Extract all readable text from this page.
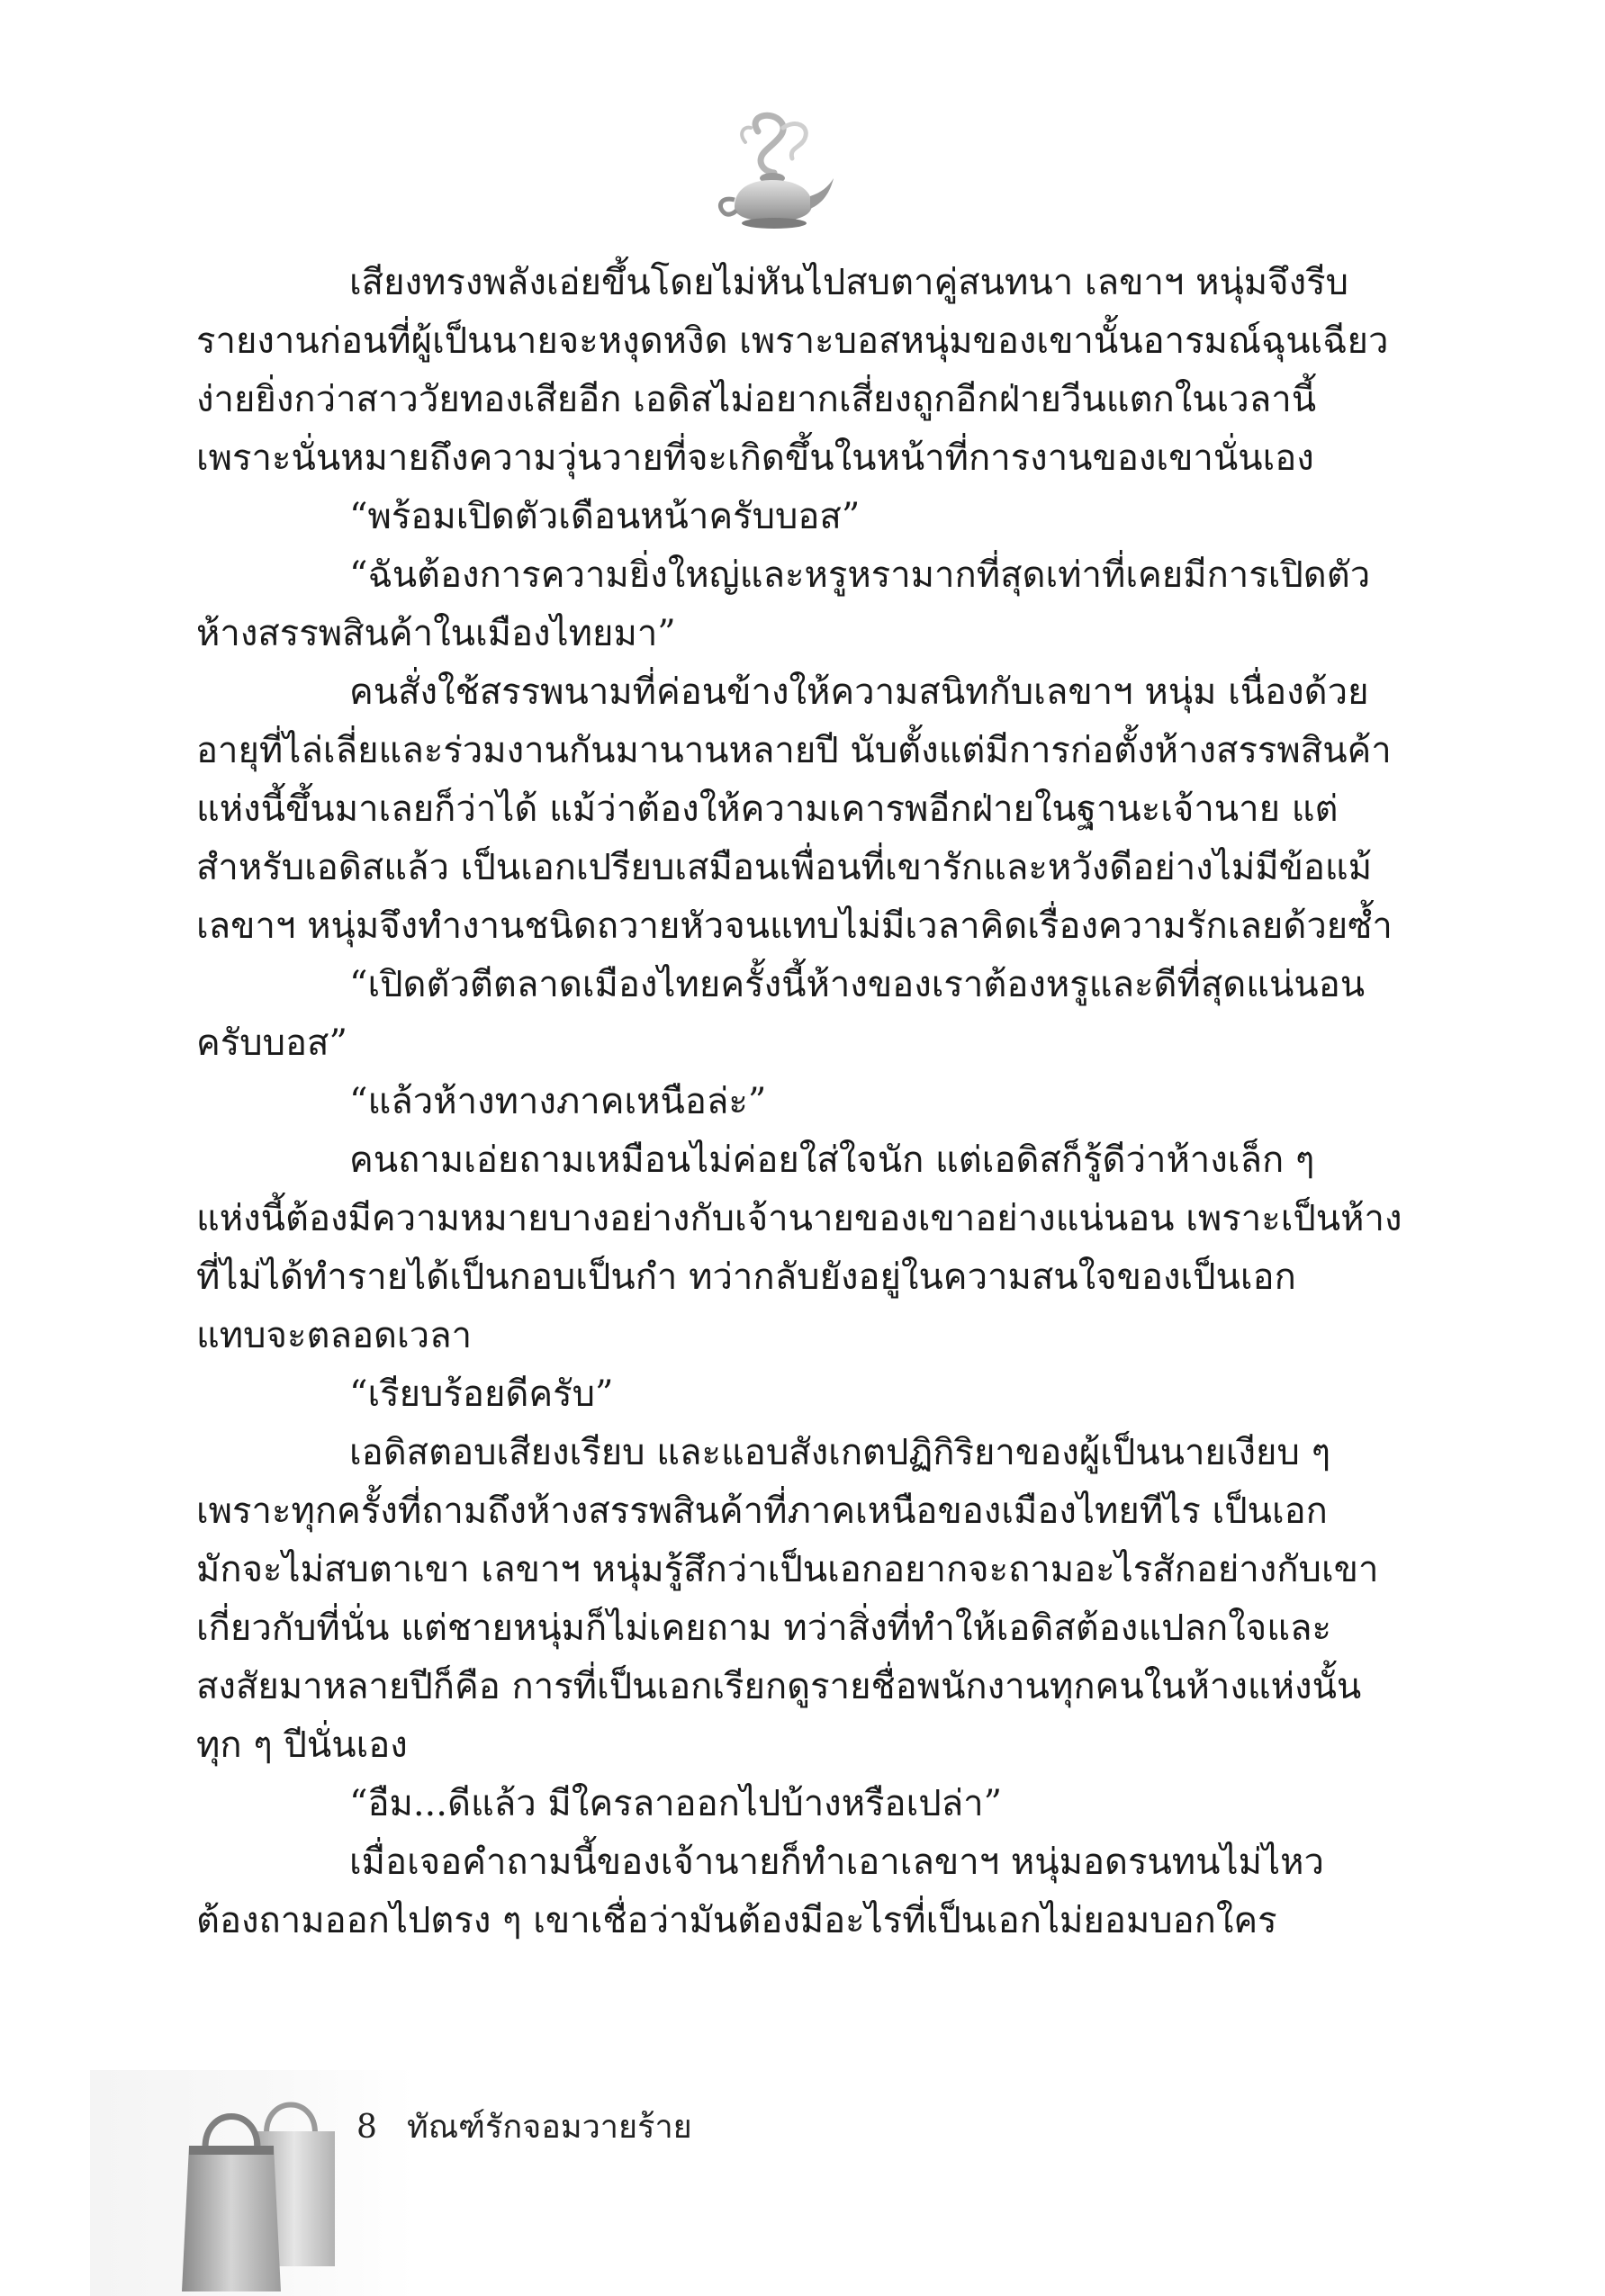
เสียงทรงพลังเอ่ยขึ้นโดยไม่หันไปสบตาคู่สนทนา เลขาฯ หนุ่มจึงรีบ

รายงานก่อนที่ผู้เป็นนายจะหงุดหงิด เพราะบอสหนุ่มของเขานั้นอารมณ์ฉุนเฉียว

ง่ายยิ่งกว่าสาววัยทองเสียอีก เอดิสไม่อยากเสี่ยงถูกอีกฝ่ายวีนแตกในเวลานี้

เพราะนั่นหมายถึงความวุ่นวายที่จะเกิดขึ้นในหน้าที่การงานของเขานั่นเอง

“พร้อมเปิดตัวเดือนหน้าครับบอส”

“ฉันต้องการความยิ่งใหญ่และหรูหรามากที่สุดเท่าที่เคยมีการเปิดตัว

ห้างสรรพสินค้าในเมืองไทยมา”

คนสั่งใช้สรรพนามที่ค่อนข้างให้ความสนิทกับเลขาฯ หนุ่ม เนื่องด้วย

อายุที่ไล่เลี่ยและร่วมงานกันมานานหลายปี นับตั้งแต่มีการก่อตั้งห้างสรรพสินค้า

แห่งนี้ขึ้นมาเลยก็ว่าได้ แม้ว่าต้องให้ความเคารพอีกฝ่ายในฐานะเจ้านาย แต่

สำหรับเอดิสแล้ว เป็นเอกเปรียบเสมือนเพื่อนที่เขารักและหวังดีอย่างไม่มีข้อแม้

เลขาฯ หนุ่มจึงทำงานชนิดถวายหัวจนแทบไม่มีเวลาคิดเรื่องความรักเลยด้วยซ้ำ

“เปิดตัวตีตลาดเมืองไทยครั้งนี้ห้างของเราต้องหรูและดีที่สุดแน่นอน

ครับบอส”

“แล้วห้างทางภาคเหนือล่ะ”

คนถามเอ่ยถามเหมือนไม่ค่อยใส่ใจนัก แต่เอดิสก็รู้ดีว่าห้างเล็ก ๆ

แห่งนี้ต้องมีความหมายบางอย่างกับเจ้านายของเขาอย่างแน่นอน เพราะเป็นห้าง

ที่ไม่ได้ทำรายได้เป็นกอบเป็นกำ ทว่ากลับยังอยู่ในความสนใจของเป็นเอก

แทบจะตลอดเวลา

“เรียบร้อยดีครับ”

เอดิสตอบเสียงเรียบ และแอบสังเกตปฏิกิริยาของผู้เป็นนายเงียบ ๆ

เพราะทุกครั้งที่ถามถึงห้างสรรพสินค้าที่ภาคเหนือของเมืองไทยทีไร เป็นเอก

มักจะไม่สบตาเขา เลขาฯ หนุ่มรู้สึกว่าเป็นเอกอยากจะถามอะไรสักอย่างกับเขา

เกี่ยวกับที่นั่น แต่ชายหนุ่มก็ไม่เคยถาม ทว่าสิ่งที่ทำให้เอดิสต้องแปลกใจและ

สงสัยมาหลายปีก็คือ การที่เป็นเอกเรียกดูรายชื่อพนักงานทุกคนในห้างแห่งนั้น

ทุก ๆ ปีนั่นเอง

“อืม...ดีแล้ว มีใครลาออกไปบ้างหรือเปล่า”

เมื่อเจอคำถามนี้ของเจ้านายก็ทำเอาเลขาฯ หนุ่มอดรนทนไม่ไหว

ต้องถามออกไปตรง ๆ เขาเชื่อว่ามันต้องมีอะไรที่เป็นเอกไม่ยอมบอกใคร

8 ทัณฑ์รักจอมวายร้าย
